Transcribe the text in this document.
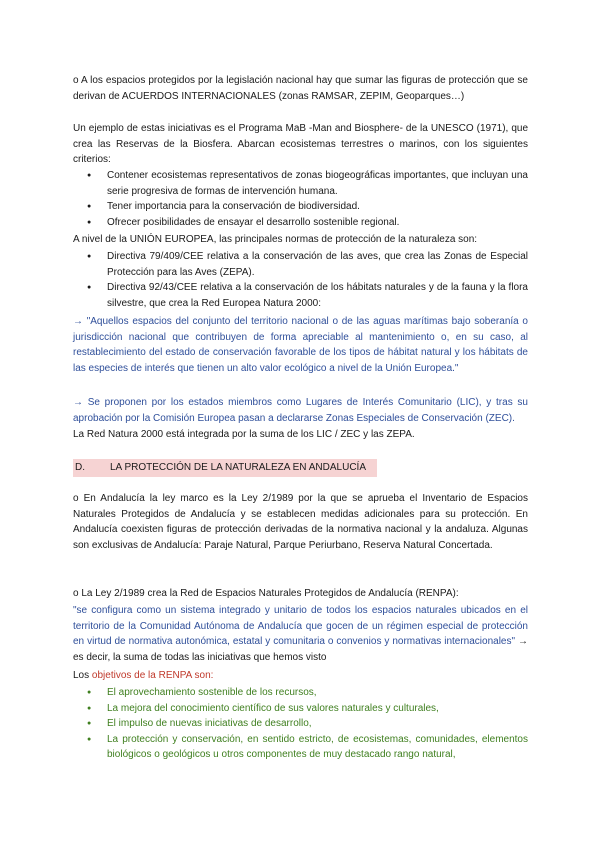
o A los espacios protegidos por la legislación nacional hay que sumar las figuras de protección que se derivan de ACUERDOS INTERNACIONALES (zonas RAMSAR, ZEPIM, Geoparques…)
Un ejemplo de estas iniciativas es el Programa MaB -Man and Biosphere- de la UNESCO (1971), que crea las Reservas de la Biosfera. Abarcan ecosistemas terrestres o marinos, con los siguientes criterios:
● Contener ecosistemas representativos de zonas biogeográficas importantes, que incluyan una serie progresiva de formas de intervención humana.
● Tener importancia para la conservación de biodiversidad.
● Ofrecer posibilidades de ensayar el desarrollo sostenible regional.
A nivel de la UNIÓN EUROPEA, las principales normas de protección de la naturaleza son:
● Directiva 79/409/CEE relativa a la conservación de las aves, que crea las Zonas de Especial Protección para las Aves (ZEPA).
● Directiva 92/43/CEE relativa a la conservación de los hábitats naturales y de la fauna y la flora silvestre, que crea la Red Europea Natura 2000:
→ "Aquellos espacios del conjunto del territorio nacional o de las aguas marítimas bajo soberanía o jurisdicción nacional que contribuyen de forma apreciable al mantenimiento o, en su caso, al restablecimiento del estado de conservación favorable de los tipos de hábitat natural y los hábitats de las especies de interés que tienen un alto valor ecológico a nivel de la Unión Europea."
→ Se proponen por los estados miembros como Lugares de Interés Comunitario (LIC), y tras su aprobación por la Comisión Europea pasan a declararse Zonas Especiales de Conservación (ZEC).
La Red Natura 2000 está integrada por la suma de los LIC / ZEC y las ZEPA.
D.	LA PROTECCIÓN DE LA NATURALEZA EN ANDALUCÍA
o En Andalucía la ley marco es la Ley 2/1989 por la que se aprueba el Inventario de Espacios Naturales Protegidos de Andalucía y se establecen medidas adicionales para su protección. En Andalucía coexisten figuras de protección derivadas de la normativa nacional y la andaluza. Algunas son exclusivas de Andalucía: Paraje Natural, Parque Periurbano, Reserva Natural Concertada.
o La Ley 2/1989 crea la Red de Espacios Naturales Protegidos de Andalucía (RENPA):
"se configura como un sistema integrado y unitario de todos los espacios naturales ubicados en el territorio de la Comunidad Autónoma de Andalucía que gocen de un régimen especial de protección en virtud de normativa autonómica, estatal y comunitaria o convenios y normativas internacionales" → es decir, la suma de todas las iniciativas que hemos visto
Los objetivos de la RENPA son:
● El aprovechamiento sostenible de los recursos,
● La mejora del conocimiento científico de sus valores naturales y culturales,
● El impulso de nuevas iniciativas de desarrollo,
● La protección y conservación, en sentido estricto, de ecosistemas, comunidades, elementos biológicos o geológicos u otros componentes de muy destacado rango natural,
